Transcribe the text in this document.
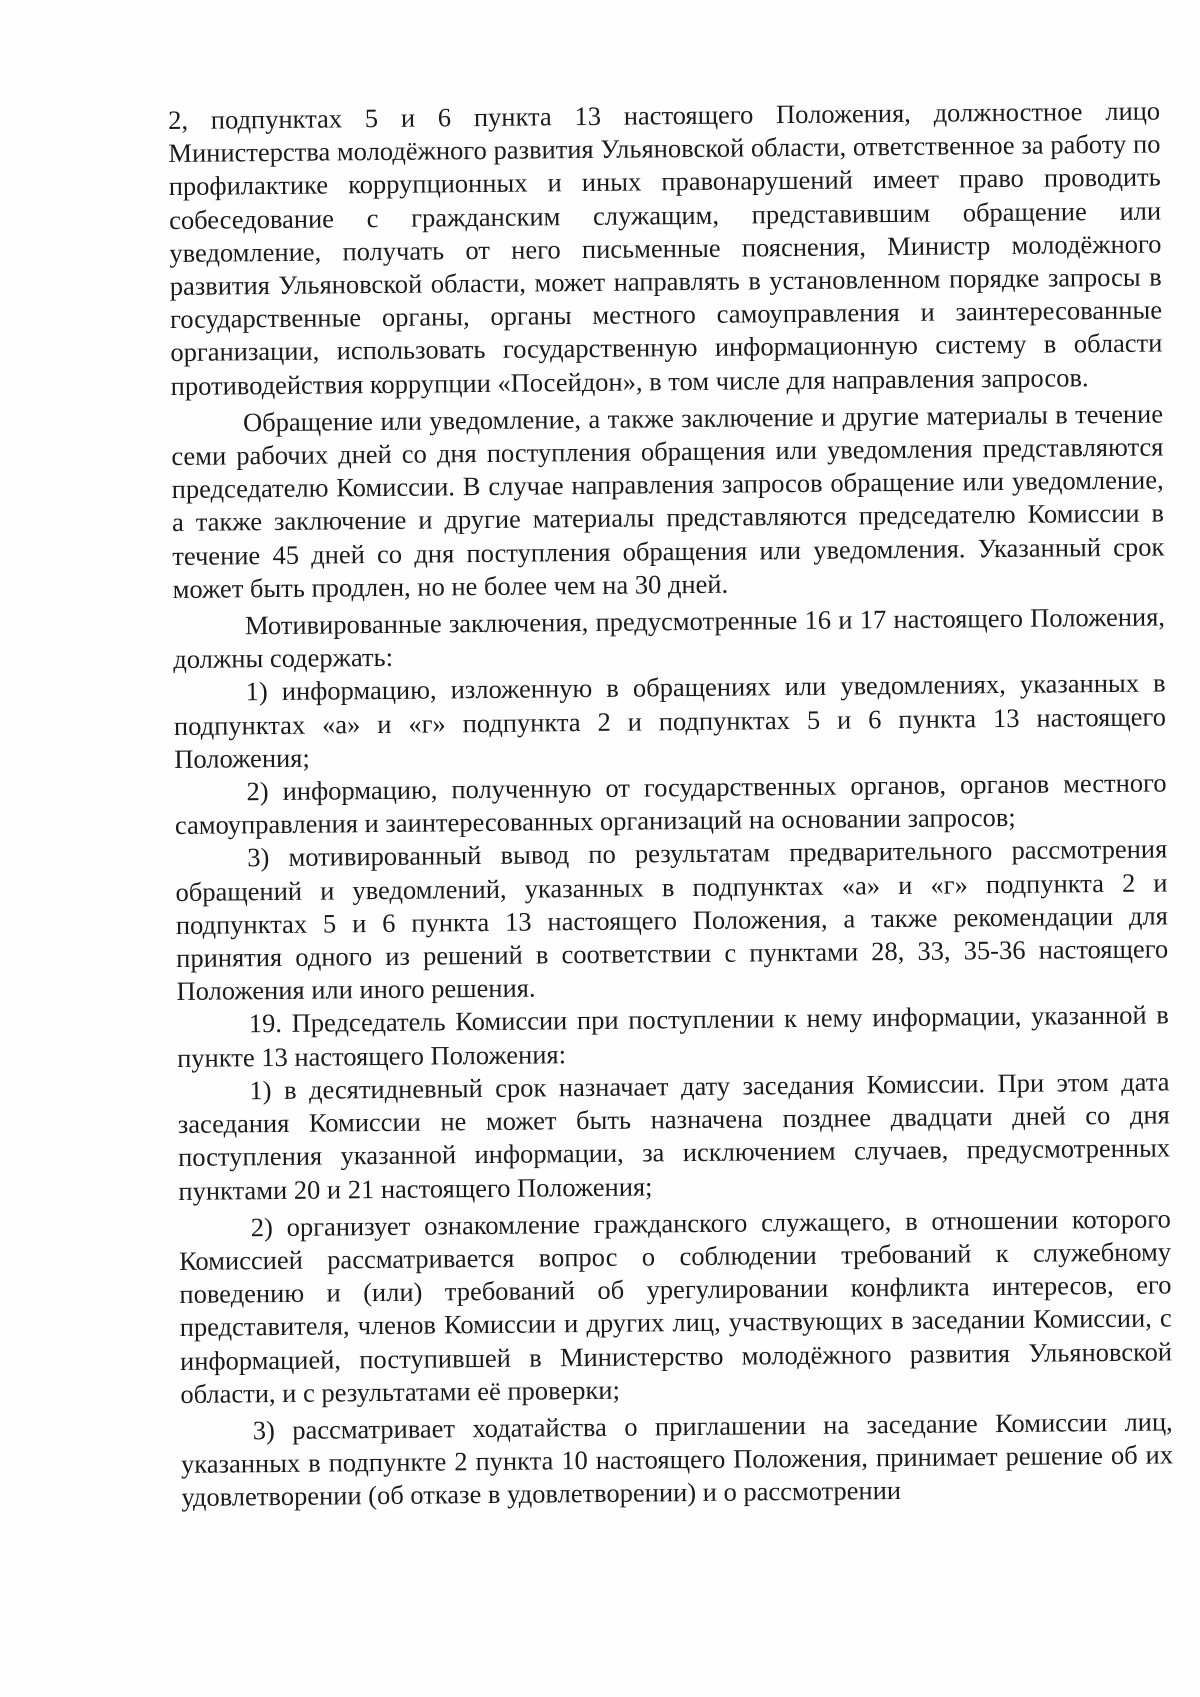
2, подпунктах 5 и 6 пункта 13 настоящего Положения, должностное лицо Министерства молодёжного развития Ульяновской области, ответственное за работу по профилактике коррупционных и иных правонарушений имеет право проводить собеседование с гражданским служащим, представившим обращение или уведомление, получать от него письменные пояснения, Министр молодёжного развития Ульяновской области, может направлять в установленном порядке запросы в государственные органы, органы местного самоуправления и заинтересованные организации, использовать государственную информационную систему в области противодействия коррупции «Посейдон», в том числе для направления запросов.

Обращение или уведомление, а также заключение и другие материалы в течение семи рабочих дней со дня поступления обращения или уведомления представляются председателю Комиссии. В случае направления запросов обращение или уведомление, а также заключение и другие материалы представляются председателю Комиссии в течение 45 дней со дня поступления обращения или уведомления. Указанный срок может быть продлен, но не более чем на 30 дней.

Мотивированные заключения, предусмотренные 16 и 17 настоящего Положения, должны содержать:

1) информацию, изложенную в обращениях или уведомлениях, указанных в подпунктах «а» и «г» подпункта 2 и подпунктах 5 и 6 пункта 13 настоящего Положения;

2) информацию, полученную от государственных органов, органов местного самоуправления и заинтересованных организаций на основании запросов;

3) мотивированный вывод по результатам предварительного рассмотрения обращений и уведомлений, указанных в подпунктах «а» и «г» подпункта 2 и подпунктах 5 и 6 пункта 13 настоящего Положения, а также рекомендации для принятия одного из решений в соответствии с пунктами 28, 33, 35-36 настоящего Положения или иного решения.

19. Председатель Комиссии при поступлении к нему информации, указанной в пункте 13 настоящего Положения:

1) в десятидневный срок назначает дату заседания Комиссии. При этом дата заседания Комиссии не может быть назначена позднее двадцати дней со дня поступления указанной информации, за исключением случаев, предусмотренных пунктами 20 и 21 настоящего Положения;

2) организует ознакомление гражданского служащего, в отношении которого Комиссией рассматривается вопрос о соблюдении требований к служебному поведению и (или) требований об урегулировании конфликта интересов, его представителя, членов Комиссии и других лиц, участвующих в заседании Комиссии, с информацией, поступившей в Министерство молодёжного развития Ульяновской области, и с результатами её проверки;

3) рассматривает ходатайства о приглашении на заседание Комиссии лиц, указанных в подпункте 2 пункта 10 настоящего Положения, принимает решение об их удовлетворении (об отказе в удовлетворении) и о рассмотрении
